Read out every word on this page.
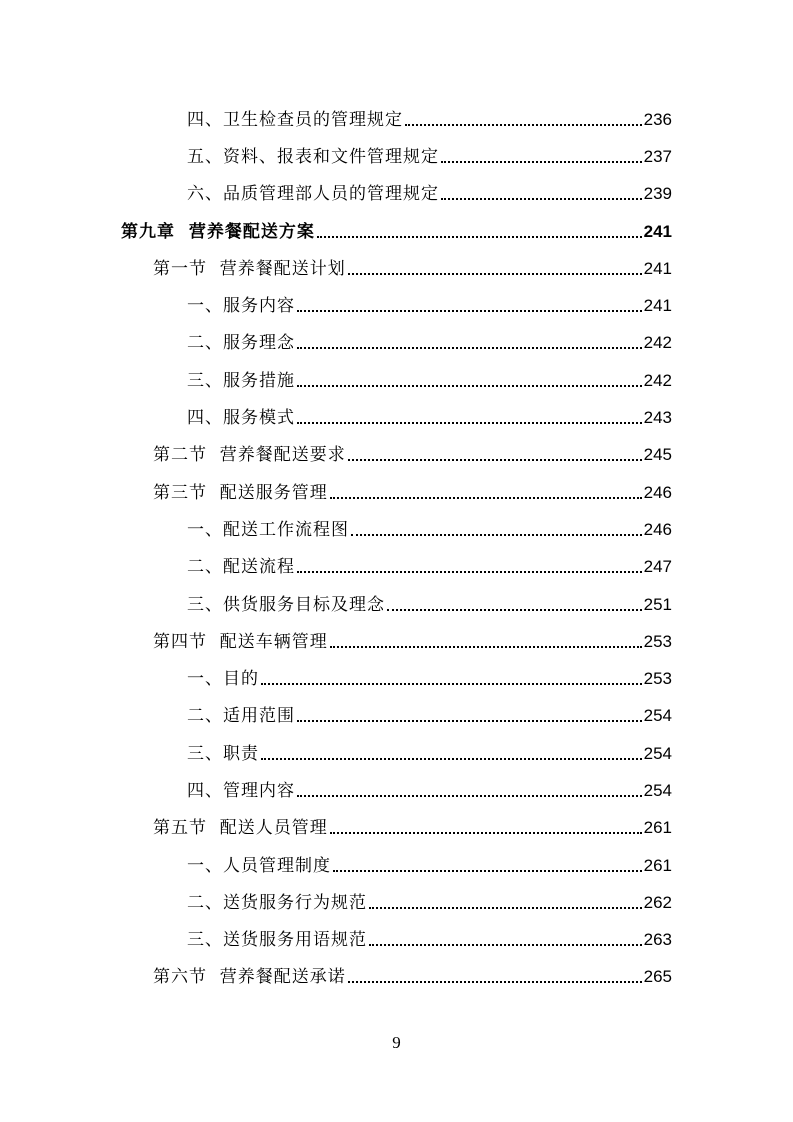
四、卫生检查员的管理规定	236
五、资料、报表和文件管理规定	237
六、品质管理部人员的管理规定	239
第九章  营养餐配送方案	241
第一节  营养餐配送计划	241
一、服务内容	241
二、服务理念	242
三、服务措施	242
四、服务模式	243
第二节  营养餐配送要求	245
第三节  配送服务管理	246
一、配送工作流程图	246
二、配送流程	247
三、供货服务目标及理念	251
第四节  配送车辆管理	253
一、目的	253
二、适用范围	254
三、职责	254
四、管理内容	254
第五节  配送人员管理	261
一、人员管理制度	261
二、送货服务行为规范	262
三、送货服务用语规范	263
第六节  营养餐配送承诺	265
9
